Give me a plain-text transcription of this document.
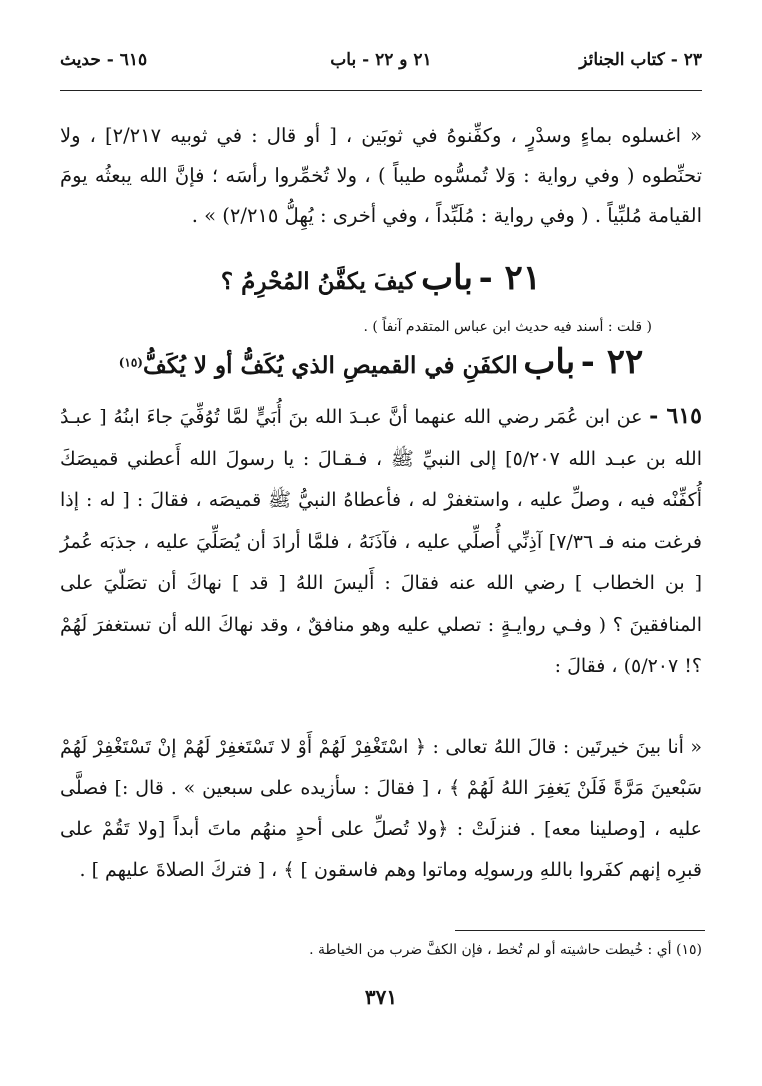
٢٣ - كتاب الجنائز
٢١ و ٢٢ - باب
٦١٥ - حديث
« اغسلوه بماءٍ وسدْرٍ ، وكفِّنوهُ في ثوبَين ، [ أو قال : في ثوبيه ٢/٢١٧] ، ولا تحنِّطوه ( وفي رواية : وَلا تُمسُّوه طيباً ) ، ولا تُخمِّروا رأسَه ؛ فإنَّ الله يبعثُه يومَ القيامة مُلبِّياً . ( وفي رواية : مُلَبِّداً ، وفي أخرى : يُهِلُّ ٢/٢١٥) » .
٢١ - باب كيفَ يكفَّنُ المُحْرِمُ ؟
( قلت : أسند فيه حديث ابن عباس المتقدم آنفاً ) .
٢٢ - باب الكفَنِ في القميصِ الذي يُكَفُّ أو لا يُكَفُّ$^{(١٥)}$
٦١٥ - عن ابن عُمَر رضي الله عنهما أنَّ عبـدَ الله بنَ أُبَيٍّ لمَّا تُوُفِّيَ جاءَ ابنُهُ [ عبـدُ الله بن عبـد الله ٥/٢٠٧] إلى النبيِّ ﷺ ، فـقـالَ : يا رسولَ الله أَعطني قميصَكَ أُكفِّنْه فيه ، وصلِّ عليه ، واستغفرْ له ، فأعطاهُ النبيُّ ﷺ قميصَه ، فقالَ : [ له : إذا فرغت منه فـ ٧/٣٦] آذِنِّي أُصلِّي عليه ، فآذَنَهُ ، فلمَّا أرادَ أن يُصَلِّيَ عليه ، جذبَه عُمرُ [ بن الخطاب ] رضي الله عنه فقالَ : أَليسَ اللهُ [ قد ] نهاكَ أن تصَلّيَ على المنافقينَ ؟ ( وفـي روايـةٍ : تصلي عليه وهو منافقٌ ، وقد نهاكَ الله أن تستغفرَ لَهُمْ ؟! ٥/٢٠٧) ، فقالَ :
« أنا بينَ خيرتَين : قالَ اللهُ تعالى : ﴿ اسْتَغْفِرْ لَهُمْ أَوْ لا تَسْتَغفِرْ لَهُمْ إنْ تَسْتَغْفِرْ لَهُمْ سَبْعينَ مَرَّةً فَلَنْ يَغفِرَ اللهُ لَهُمْ ﴾ ، [ فقالَ : سأزيده على سبعين » . قال :] فصلَّى عليه ، [وصلينا معه] . فنزلَتْ : ﴿ولا تُصلِّ على أحدٍ منهُم ماتَ أبداً [ولا تَقُمْ على قبرِه إنهم كفَروا باللهِ ورسولِه وماتوا وهم فاسقون ] ﴾ ، [ فتركَ الصلاةَ عليهم ] .
(١٥) أي : خُيطت حاشيته أو لم تُخط ، فإن الكفَّ ضرب من الخياطة .
٣٧١
